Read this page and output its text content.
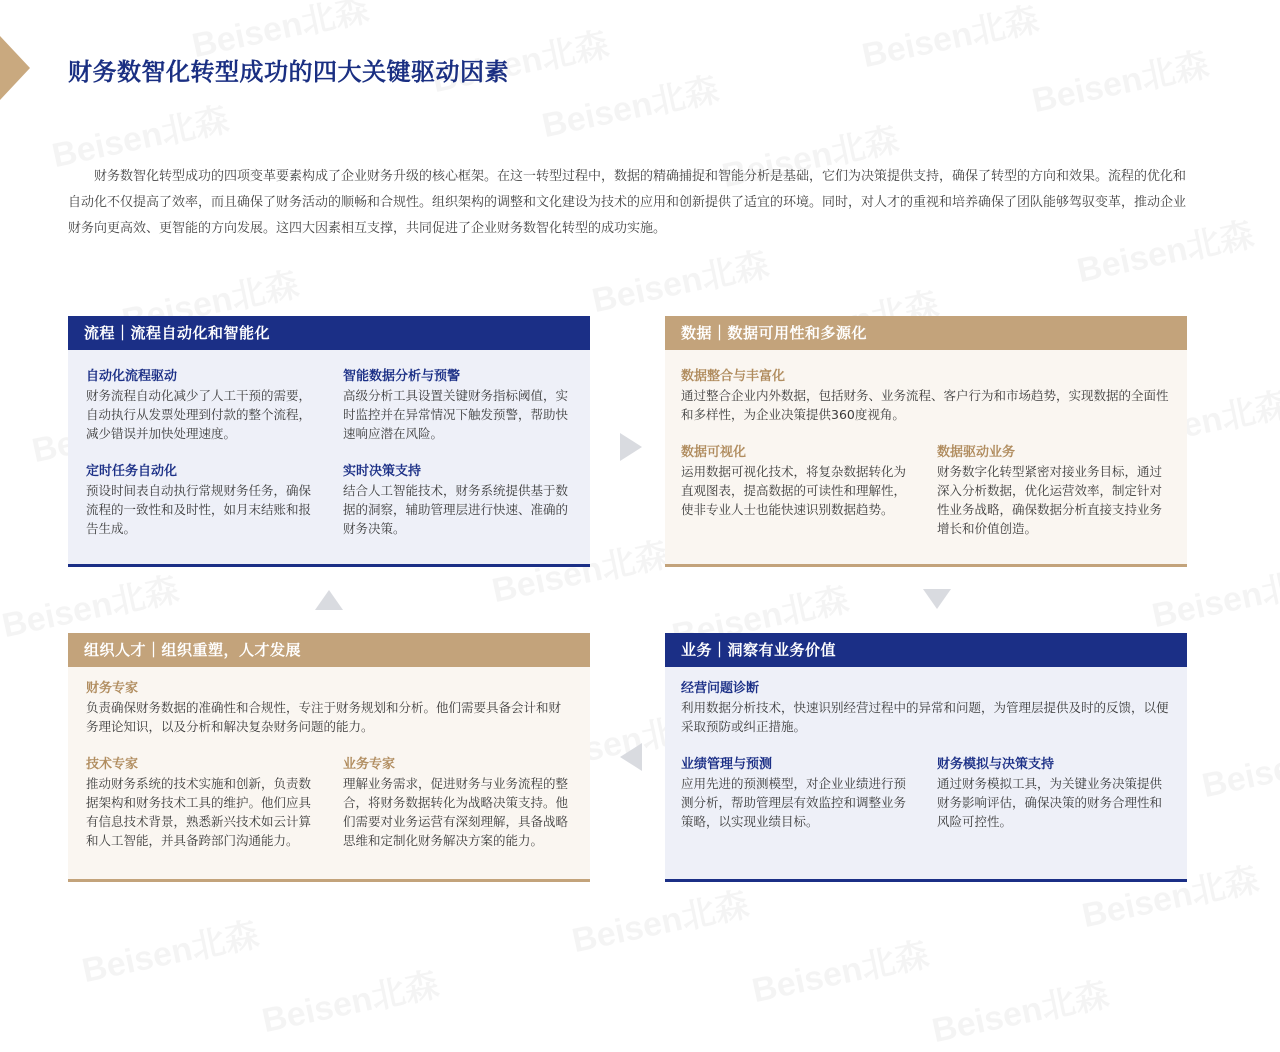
财务数智化转型成功的四大关键驱动因素

财务数智化转型成功的四项变革要素构成了企业财务升级的核心框架。在这一转型过程中，数据的精确捕捉和智能分析是基础，它们为决策提供支持，确保了转型的方向和效果。流程的优化和自动化不仅提高了效率，而且确保了财务活动的顺畅和合规性。组织架构的调整和文化建设为技术的应用和创新提供了适宜的环境。同时，对人才的重视和培养确保了团队能够驾驭变革，推动企业财务向更高效、更智能的方向发展。这四大因素相互支撑，共同促进了企业财务数智化转型的成功实施。

流程｜流程自动化和智能化
自动化流程驱动

财务流程自动化减少了人工干预的需要，自动执行从发票处理到付款的整个流程，减少错误并加快处理速度。

智能数据分析与预警

高级分析工具设置关键财务指标阈值，实时监控并在异常情况下触发预警，帮助快速响应潜在风险。

定时任务自动化

预设时间表自动执行常规财务任务，确保流程的一致性和及时性，如月末结账和报告生成。

实时决策支持

结合人工智能技术，财务系统提供基于数据的洞察，辅助管理层进行快速、准确的财务决策。

数据｜数据可用性和多源化
数据整合与丰富化

通过整合企业内外数据，包括财务、业务流程、客户行为和市场趋势，实现数据的全面性和多样性，为企业决策提供360度视角。

数据可视化

运用数据可视化技术，将复杂数据转化为直观图表，提高数据的可读性和理解性，使非专业人士也能快速识别数据趋势。

数据驱动业务

财务数字化转型紧密对接业务目标，通过深入分析数据，优化运营效率，制定针对性业务战略，确保数据分析直接支持业务增长和价值创造。

组织人才｜组织重塑，人才发展
财务专家

负责确保财务数据的准确性和合规性，专注于财务规划和分析。他们需要具备会计和财务理论知识，以及分析和解决复杂财务问题的能力。

技术专家

推动财务系统的技术实施和创新，负责数据架构和财务技术工具的维护。他们应具有信息技术背景，熟悉新兴技术如云计算和人工智能，并具备跨部门沟通能力。

业务专家

理解业务需求，促进财务与业务流程的整合，将财务数据转化为战略决策支持。他们需要对业务运营有深刻理解，具备战略思维和定制化财务解决方案的能力。

业务｜洞察有业务价值
经营问题诊断

利用数据分析技术，快速识别经营过程中的异常和问题，为管理层提供及时的反馈，以便采取预防或纠正措施。

业绩管理与预测

应用先进的预测模型，对企业业绩进行预测分析，帮助管理层有效监控和调整业务策略，以实现业绩目标。

财务模拟与决策支持

通过财务模拟工具，为关键业务决策提供财务影响评估，确保决策的财务合理性和风险可控性。
